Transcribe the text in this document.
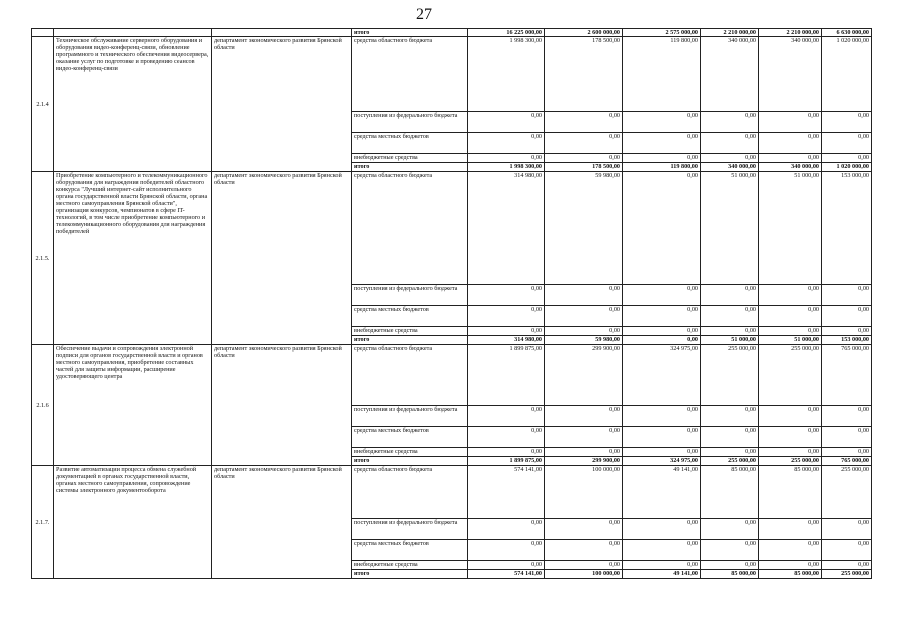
27
			итого	16 225 000,00	2 600 000,00	2 575 000,00	2 210 000,00	2 210 000,00	6 630 000,00
2.1.4	Техническое обслуживание серверного оборудования и оборудования видео-конференц-связи, обновление программного и технического обеспечения видеосервера, оказание услуг по подготовке и проведению сеансов видео-конференц-связи	департамент экономического развития Брянской области	средства областного бюджета	1 998 300,00	178 500,00	119 800,00	340 000,00	340 000,00	1 020 000,00
			поступления из федерального бюджета	0,00	0,00	0,00	0,00	0,00	0,00
			средства местных бюджетов	0,00	0,00	0,00	0,00	0,00	0,00
			внебюджетные средства	0,00	0,00	0,00	0,00	0,00	0,00
			итого	1 998 300,00	178 500,00	119 800,00	340 000,00	340 000,00	1 020 000,00
2.1.5.	Приобретение компьютерного и телекоммуникационного оборудования для награждения победителей областного конкурса "Лучший интернет-сайт исполнительного органа государственной власти Брянской области, органа местного самоуправления Брянской области", организация конкурсов, чемпионатов в сфере IT- технологий, в том числе приобретение компьютерного и телекоммуникационного оборудования для награждения победителей	департамент экономического развития Брянской области	средства областного бюджета	314 980,00	59 980,00	0,00	51 000,00	51 000,00	153 000,00
			поступления из федерального бюджета	0,00	0,00	0,00	0,00	0,00	0,00
			средства местных бюджетов	0,00	0,00	0,00	0,00	0,00	0,00
			внебюджетные средства	0,00	0,00	0,00	0,00	0,00	0,00
			итого	314 980,00	59 980,00	0,00	51 000,00	51 000,00	153 000,00
2.1.6	Обеспечение выдачи и сопровождения электронной подписи для органов государственной власти и органов местного самоуправления, приобретение составных частей для защиты информации, расширение удостоверяющего центра	департамент экономического развития Брянской области	средства областного бюджета	1 899 875,00	299 900,00	324 975,00	255 000,00	255 000,00	765 000,00
			поступления из федерального бюджета	0,00	0,00	0,00	0,00	0,00	0,00
			средства местных бюджетов	0,00	0,00	0,00	0,00	0,00	0,00
			внебюджетные средства	0,00	0,00	0,00	0,00	0,00	0,00
			итого	1 899 875,00	299 900,00	324 975,00	255 000,00	255 000,00	765 000,00
2.1.7.	Развитие автоматизации процесса обмена служебной документацией в органах государственной власти, органах местного самоуправления, сопровождение системы электронного документооборота	департамент экономического развития Брянской области	средства областного бюджета	574 141,00	100 000,00	49 141,00	85 000,00	85 000,00	255 000,00
			поступления из федерального бюджета	0,00	0,00	0,00	0,00	0,00	0,00
			средства местных бюджетов	0,00	0,00	0,00	0,00	0,00	0,00
			внебюджетные средства	0,00	0,00	0,00	0,00	0,00	0,00
			итого	574 141,00	100 000,00	49 141,00	85 000,00	85 000,00	255 000,00
